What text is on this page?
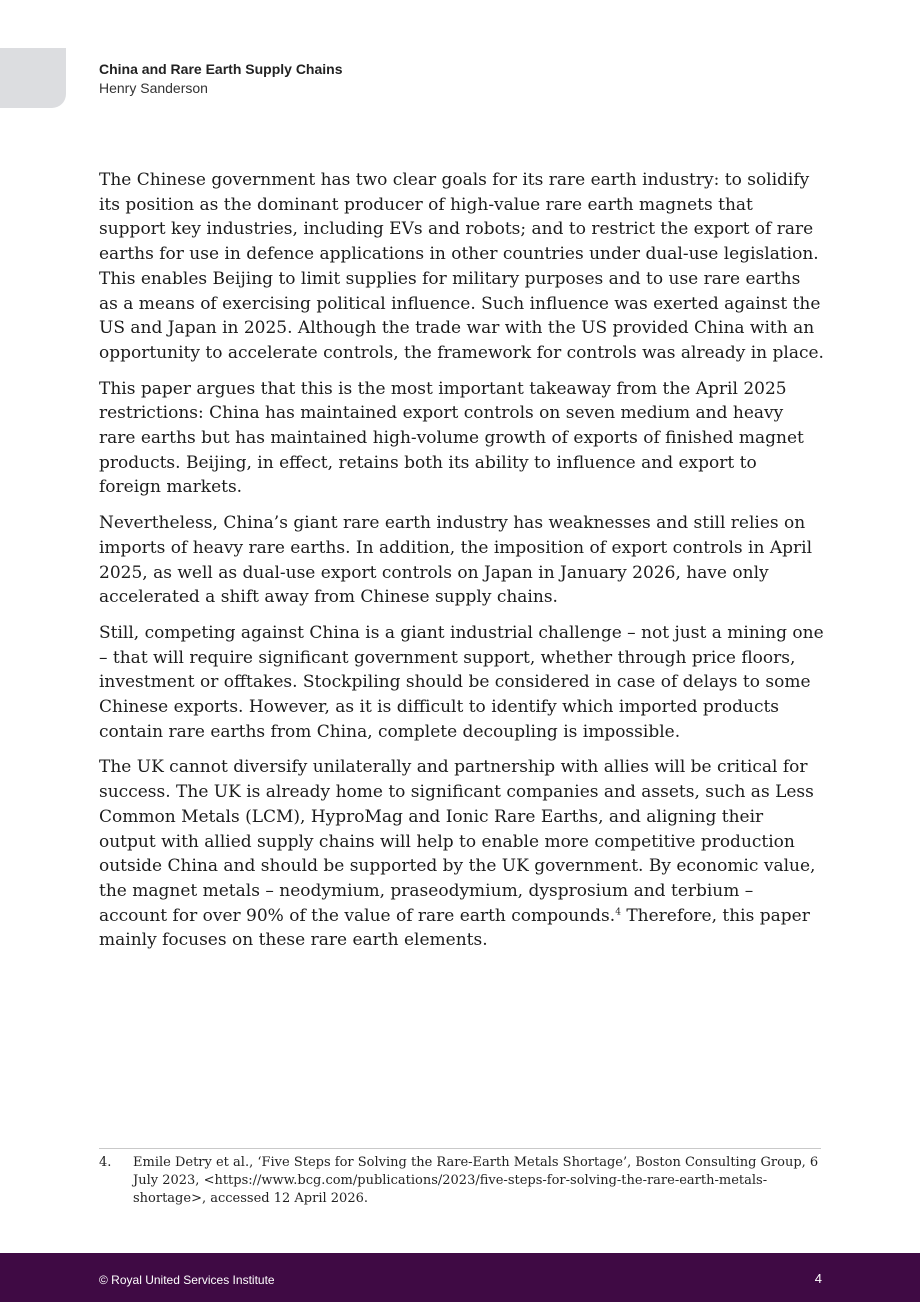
China and Rare Earth Supply Chains
Henry Sanderson

The Chinese government has two clear goals for its rare earth industry: to solidify its position as the dominant producer of high-value rare earth magnets that support key industries, including EVs and robots; and to restrict the export of rare earths for use in defence applications in other countries under dual-use legislation. This enables Beijing to limit supplies for military purposes and to use rare earths as a means of exercising political influence. Such influence was exerted against the US and Japan in 2025. Although the trade war with the US provided China with an opportunity to accelerate controls, the framework for controls was already in place.

This paper argues that this is the most important takeaway from the April 2025 restrictions: China has maintained export controls on seven medium and heavy rare earths but has maintained high-volume growth of exports of finished magnet products. Beijing, in effect, retains both its ability to influence and export to foreign markets.

Nevertheless, China’s giant rare earth industry has weaknesses and still relies on imports of heavy rare earths. In addition, the imposition of export controls in April 2025, as well as dual-use export controls on Japan in January 2026, have only accelerated a shift away from Chinese supply chains.

Still, competing against China is a giant industrial challenge – not just a mining one – that will require significant government support, whether through price floors, investment or offtakes. Stockpiling should be considered in case of delays to some Chinese exports. However, as it is difficult to identify which imported products contain rare earths from China, complete decoupling is impossible.

The UK cannot diversify unilaterally and partnership with allies will be critical for success. The UK is already home to significant companies and assets, such as Less Common Metals (LCM), HyproMag and Ionic Rare Earths, and aligning their output with allied supply chains will help to enable more competitive production outside China and should be supported by the UK government. By economic value, the magnet metals – neodymium, praseodymium, dysprosium and terbium – account for over 90% of the value of rare earth compounds.$^4$ Therefore, this paper mainly focuses on these rare earth elements.

4.	Emile Detry et al., ‘Five Steps for Solving the Rare-Earth Metals Shortage’, Boston Consulting Group, 6 July 2023, <https://www.bcg.com/publications/2023/five-steps-for-solving-the-rare-earth-metals-shortage>, accessed 12 April 2026.
© Royal United Services Institute	4
